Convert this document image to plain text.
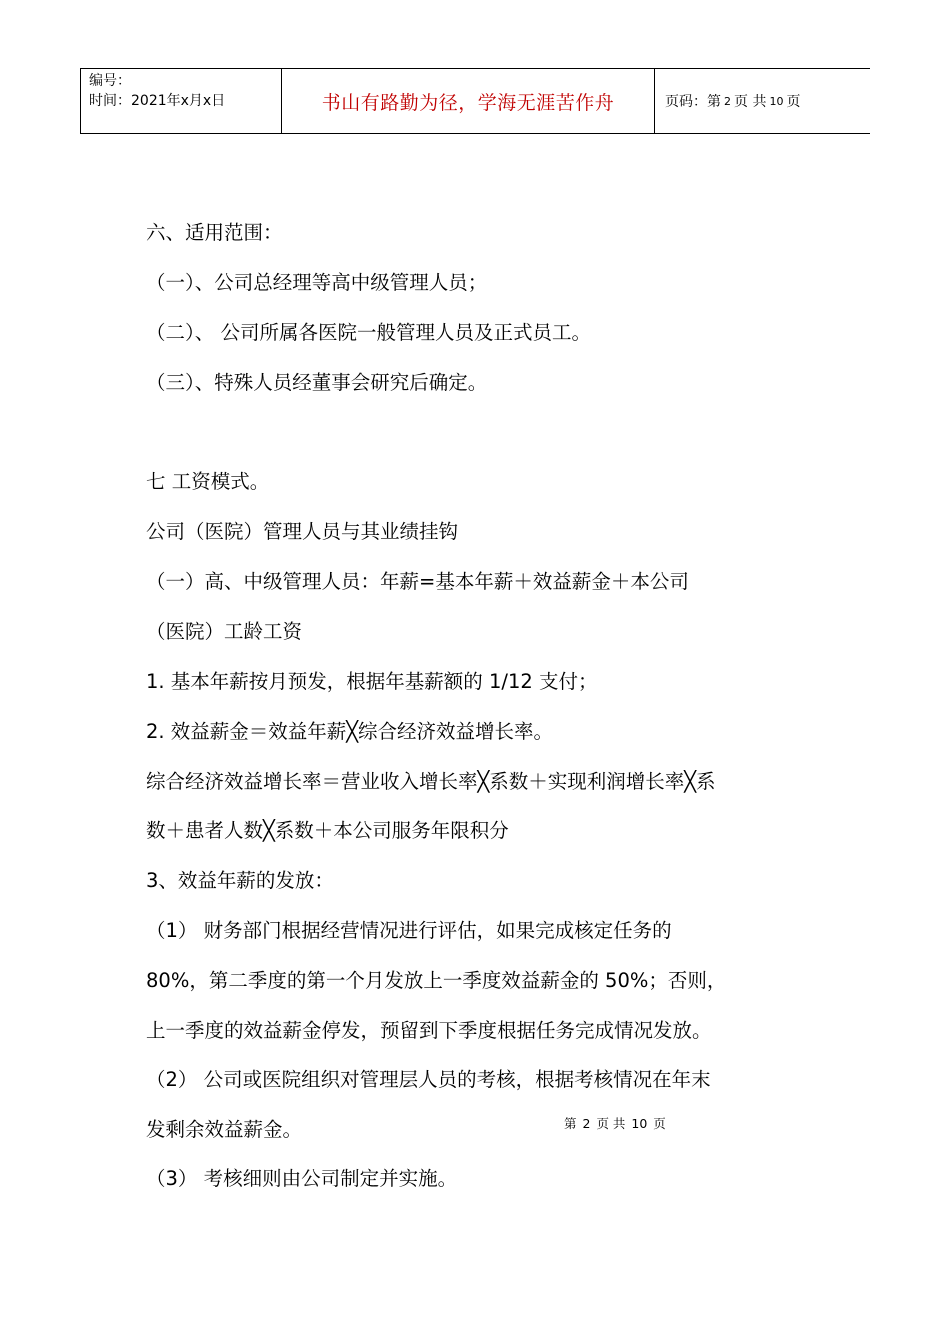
编号：
时间：2021年x月x日	书山有路勤为径，学海无涯苦作舟	页码：第 2 页 共 10 页
六、适用范围：
（一）、公司总经理等高中级管理人员；
（二）、 公司所属各医院一般管理人员及正式员工。
（三）、特殊人员经董事会研究后确定。
七 工资模式。
公司（医院）管理人员与其业绩挂钩
（一）高、中级管理人员：年薪=基本年薪＋效益薪金＋本公司
（医院）工龄工资
1. 基本年薪按月预发，根据年基薪额的 1/12 支付；
2. 效益薪金＝效益年薪╳综合经济效益增长率。
综合经济效益增长率＝营业收入增长率╳系数＋实现利润增长率╳系
数＋患者人数╳系数＋本公司服务年限积分
3、效益年薪的发放：
（1） 财务部门根据经营情况进行评估，如果完成核定任务的
80%，第二季度的第一个月发放上一季度效益薪金的 50%；否则，
上一季度的效益薪金停发，预留到下季度根据任务完成情况发放。
（2） 公司或医院组织对管理层人员的考核，根据考核情况在年末
发剩余效益薪金。
（3） 考核细则由公司制定并实施。
第 2 页 共 10 页
